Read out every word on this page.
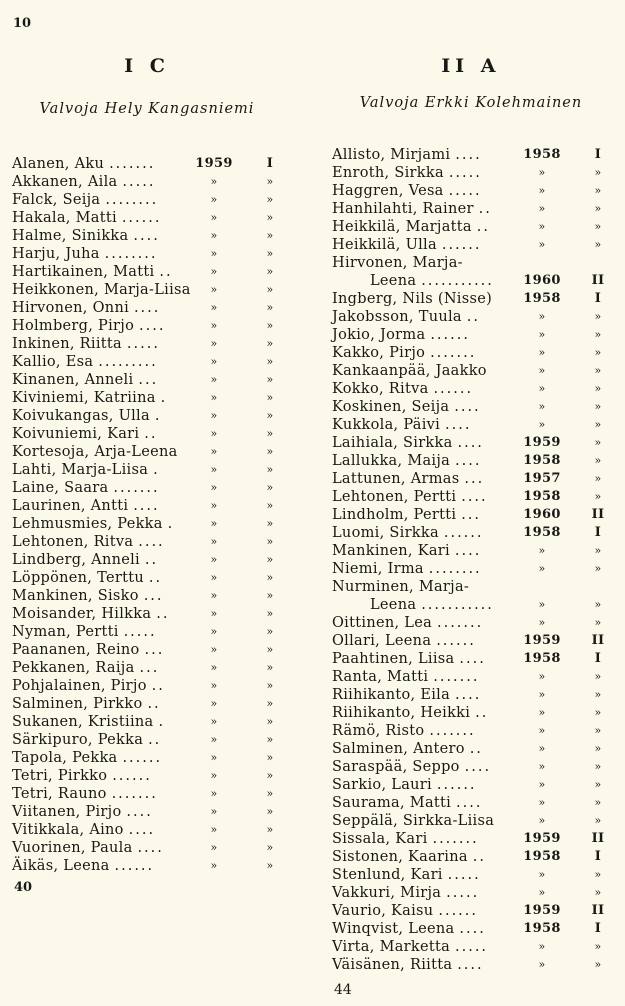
10
I C
Valvoja Hely Kangasniemi
Alanen, Aku .......	1959	I
Akkanen, Aila .....	»	»
Falck, Seija ........	»	»
Hakala, Matti ......	»	»
Halme, Sinikka ....	»	»
Harju, Juha ........	»	»
Hartikainen, Matti ..	»	»
Heikkonen, Marja-Liisa	»	»
Hirvonen, Onni ....	»	»
Holmberg, Pirjo ....	»	»
Inkinen, Riitta .....	»	»
Kallio, Esa .........	»	»
Kinanen, Anneli ...	»	»
Kiviniemi, Katriina .	»	»
Koivukangas, Ulla .	»	»
Koivuniemi, Kari ..	»	»
Kortesoja, Arja-Leena	»	»
Lahti, Marja-Liisa .	»	»
Laine, Saara .......	»	»
Laurinen, Antti ....	»	»
Lehmusmies, Pekka .	»	»
Lehtonen, Ritva ....	»	»
Lindberg, Anneli ..	»	»
Löppönen, Terttu ..	»	»
Mankinen, Sisko ...	»	»
Moisander, Hilkka ..	»	»
Nyman, Pertti .....	»	»
Paananen, Reino ...	»	»
Pekkanen, Raija ...	»	»
Pohjalainen, Pirjo ..	»	»
Salminen, Pirkko ..	»	»
Sukanen, Kristiina .	»	»
Särkipuro, Pekka ..	»	»
Tapola, Pekka ......	»	»
Tetri, Pirkko ......	»	»
Tetri, Rauno .......	»	»
Viitanen, Pirjo ....	»	»
Vitikkala, Aino ....	»	»
Vuorinen, Paula ....	»	»
Äikäs, Leena ......	»	»
40
II A
Valvoja Erkki Kolehmainen
Allisto, Mirjami ....	1958	I
Enroth, Sirkka .....	»	»
Haggren, Vesa .....	»	»
Hanhilahti, Rainer ..	»	»
Heikkilä, Marjatta ..	»	»
Heikkilä, Ulla ......	»	»
Hirvonen, Marja-
Leena ...........	1960	II
Ingberg, Nils (Nisse)	1958	I
Jakobsson, Tuula ..	»	»
Jokio, Jorma ......	»	»
Kakko, Pirjo .......	»	»
Kankaanpää, Jaakko	»	»
Kokko, Ritva ......	»	»
Koskinen, Seija ....	»	»
Kukkola, Päivi ....	»	»
Laihiala, Sirkka ....	1959	»
Lallukka, Maija ....	1958	»
Lattunen, Armas ...	1957	»
Lehtonen, Pertti ....	1958	»
Lindholm, Pertti ...	1960	II
Luomi, Sirkka ......	1958	I
Mankinen, Kari ....	»	»
Niemi, Irma ........	»	»
Nurminen, Marja-
Leena ...........	»	»
Oittinen, Lea .......	»	»
Ollari, Leena ......	1959	II
Paahtinen, Liisa ....	1958	I
Ranta, Matti .......	»	»
Riihikanto, Eila ....	»	»
Riihikanto, Heikki ..	»	»
Rämö, Risto .......	»	»
Salminen, Antero ..	»	»
Saraspää, Seppo ....	»	»
Sarkio, Lauri ......	»	»
Saurama, Matti ....	»	»
Seppälä, Sirkka-Liisa	»	»
Sissala, Kari .......	1959	II
Sistonen, Kaarina ..	1958	I
Stenlund, Kari .....	»	»
Vakkuri, Mirja .....	»	»
Vaurio, Kaisu ......	1959	II
Winqvist, Leena ....	1958	I
Virta, Marketta .....	»	»
Väisänen, Riitta ....	»	»
44
